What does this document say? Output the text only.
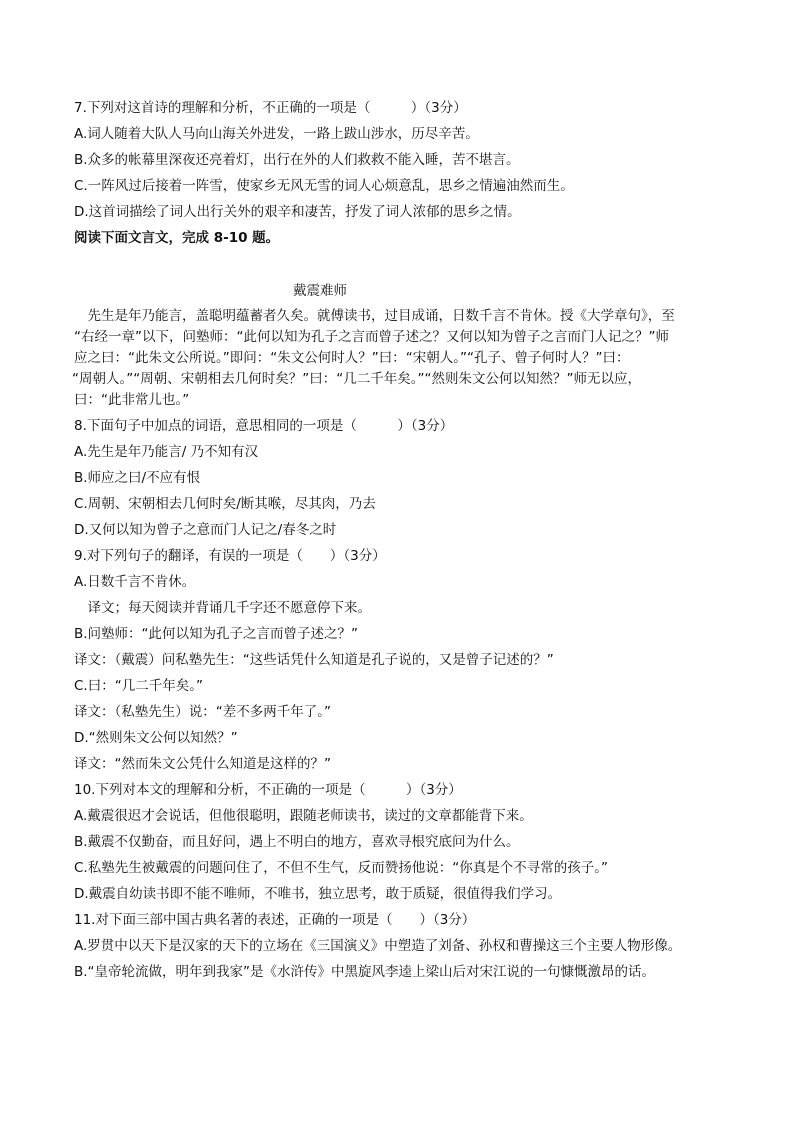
7.下列对这首诗的理解和分析，不正确的一项是（　　　）（3分）
A.词人随着大队人马向山海关外进发，一路上跋山涉水，历尽辛苦。
B.众多的帐幕里深夜还亮着灯，出行在外的人们救救不能入睡，苦不堪言。
C.一阵风过后接着一阵雪，使家乡无风无雪的词人心烦意乱，思乡之情遍油然而生。
D.这首词描绘了词人出行关外的艰辛和凄苦，抒发了词人浓郁的思乡之情。
阅读下面文言文，完成 8-10 题。
戴震难师
　先生是年乃能言，盖聪明蕴蓄者久矣。就傅读书，过目成诵，日数千言不肯休。授《大学章句》，至
“右经一章”以下，问塾师：“此何以知为孔子之言而曾子述之？又何以知为曾子之言而门人记之？”师
应之曰：“此朱文公所说。”即问：“朱文公何时人？”曰：“宋朝人。”“孔子、曾子何时人？”曰：
“周朝人。”“周朝、宋朝相去几何时矣？”曰：“几二千年矣。”“然则朱文公何以知然？”师无以应，
曰：“此非常儿也。”
8.下面句子中加点的词语，意思相同的一项是（　　　）（3分）
A.先生是年乃能言/ 乃不知有汉
B.师应之曰/不应有恨
C.周朝、宋朝相去几何时矣/断其喉，尽其肉，乃去
D.又何以知为曾子之意而门人记之/春冬之时
9.对下列句子的翻译，有误的一项是（　　）（3分）
A.日数千言不肯休。
　译文；每天阅读并背诵几千字还不愿意停下来。
B.问塾师：“此何以知为孔子之言而曾子述之？”
译文：（戴震）问私塾先生：“这些话凭什么知道是孔子说的，又是曾子记述的？”
C.曰：“几二千年矣。”
译文：（私塾先生）说：“差不多两千年了。”
D.“然则朱文公何以知然？”
译文：“然而朱文公凭什么知道是这样的？”
10.下列对本文的理解和分析，不正确的一项是（　　　）（3分）
A.戴震很迟才会说话，但他很聪明，跟随老师读书，读过的文章都能背下来。
B.戴震不仅勤奋，而且好问，遇上不明白的地方，喜欢寻根究底问为什么。
C.私塾先生被戴震的问题问住了，不但不生气，反而赞扬他说：“你真是个不寻常的孩子。”
D.戴震自幼读书即不能不唯师，不唯书，独立思考，敢于质疑，很值得我们学习。
11.对下面三部中国古典名著的表述，正确的一项是（　　）（3分）
A.罗贯中以天下是汉家的天下的立场在《三国演义》中塑造了刘备、孙权和曹操这三个主要人物形像。
B.“皇帝轮流做，明年到我家”是《水浒传》中黑旋风李逵上梁山后对宋江说的一句慷慨激昂的话。
